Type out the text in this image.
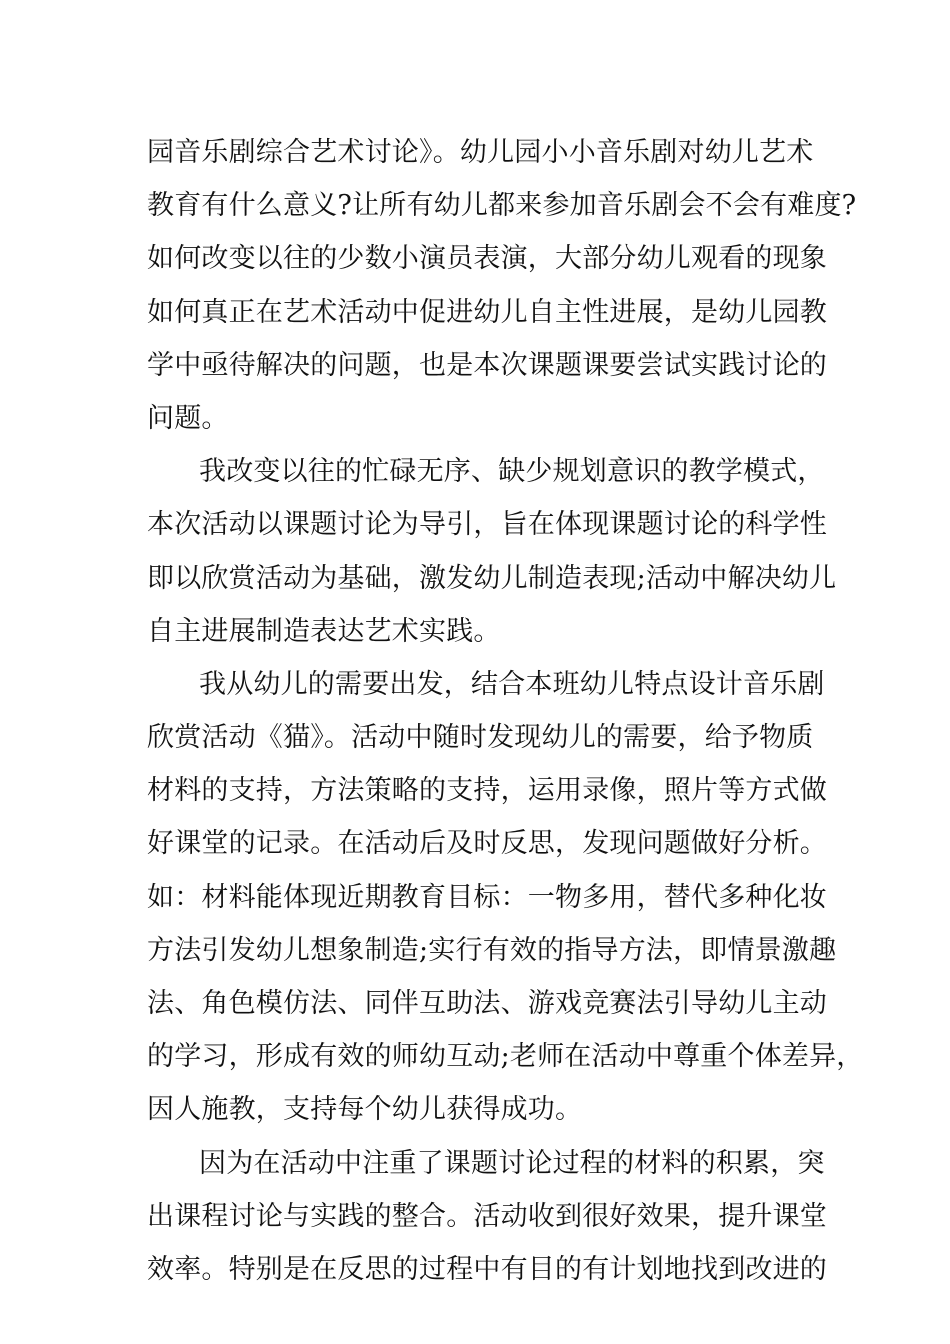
园音乐剧综合艺术讨论》。幼儿园小小音乐剧对幼儿艺术
教育有什么意义?让所有幼儿都来参加音乐剧会不会有难度?
如何改变以往的少数小演员表演，大部分幼儿观看的现象
如何真正在艺术活动中促进幼儿自主性进展，是幼儿园教
学中亟待解决的问题，也是本次课题课要尝试实践讨论的
问题。
我改变以往的忙碌无序、缺少规划意识的教学模式，
本次活动以课题讨论为导引，旨在体现课题讨论的科学性
即以欣赏活动为基础，激发幼儿制造表现;活动中解决幼儿
自主进展制造表达艺术实践。
我从幼儿的需要出发，结合本班幼儿特点设计音乐剧
欣赏活动《猫》。活动中随时发现幼儿的需要，给予物质
材料的支持，方法策略的支持，运用录像，照片等方式做
好课堂的记录。在活动后及时反思，发现问题做好分析。
如：材料能体现近期教育目标：一物多用，替代多种化妆
方法引发幼儿想象制造;实行有效的指导方法，即情景激趣
法、角色模仿法、同伴互助法、游戏竞赛法引导幼儿主动
的学习，形成有效的师幼互动;老师在活动中尊重个体差异，
因人施教，支持每个幼儿获得成功。
因为在活动中注重了课题讨论过程的材料的积累，突
出课程讨论与实践的整合。活动收到很好效果，提升课堂
效率。特别是在反思的过程中有目的有计划地找到改进的
